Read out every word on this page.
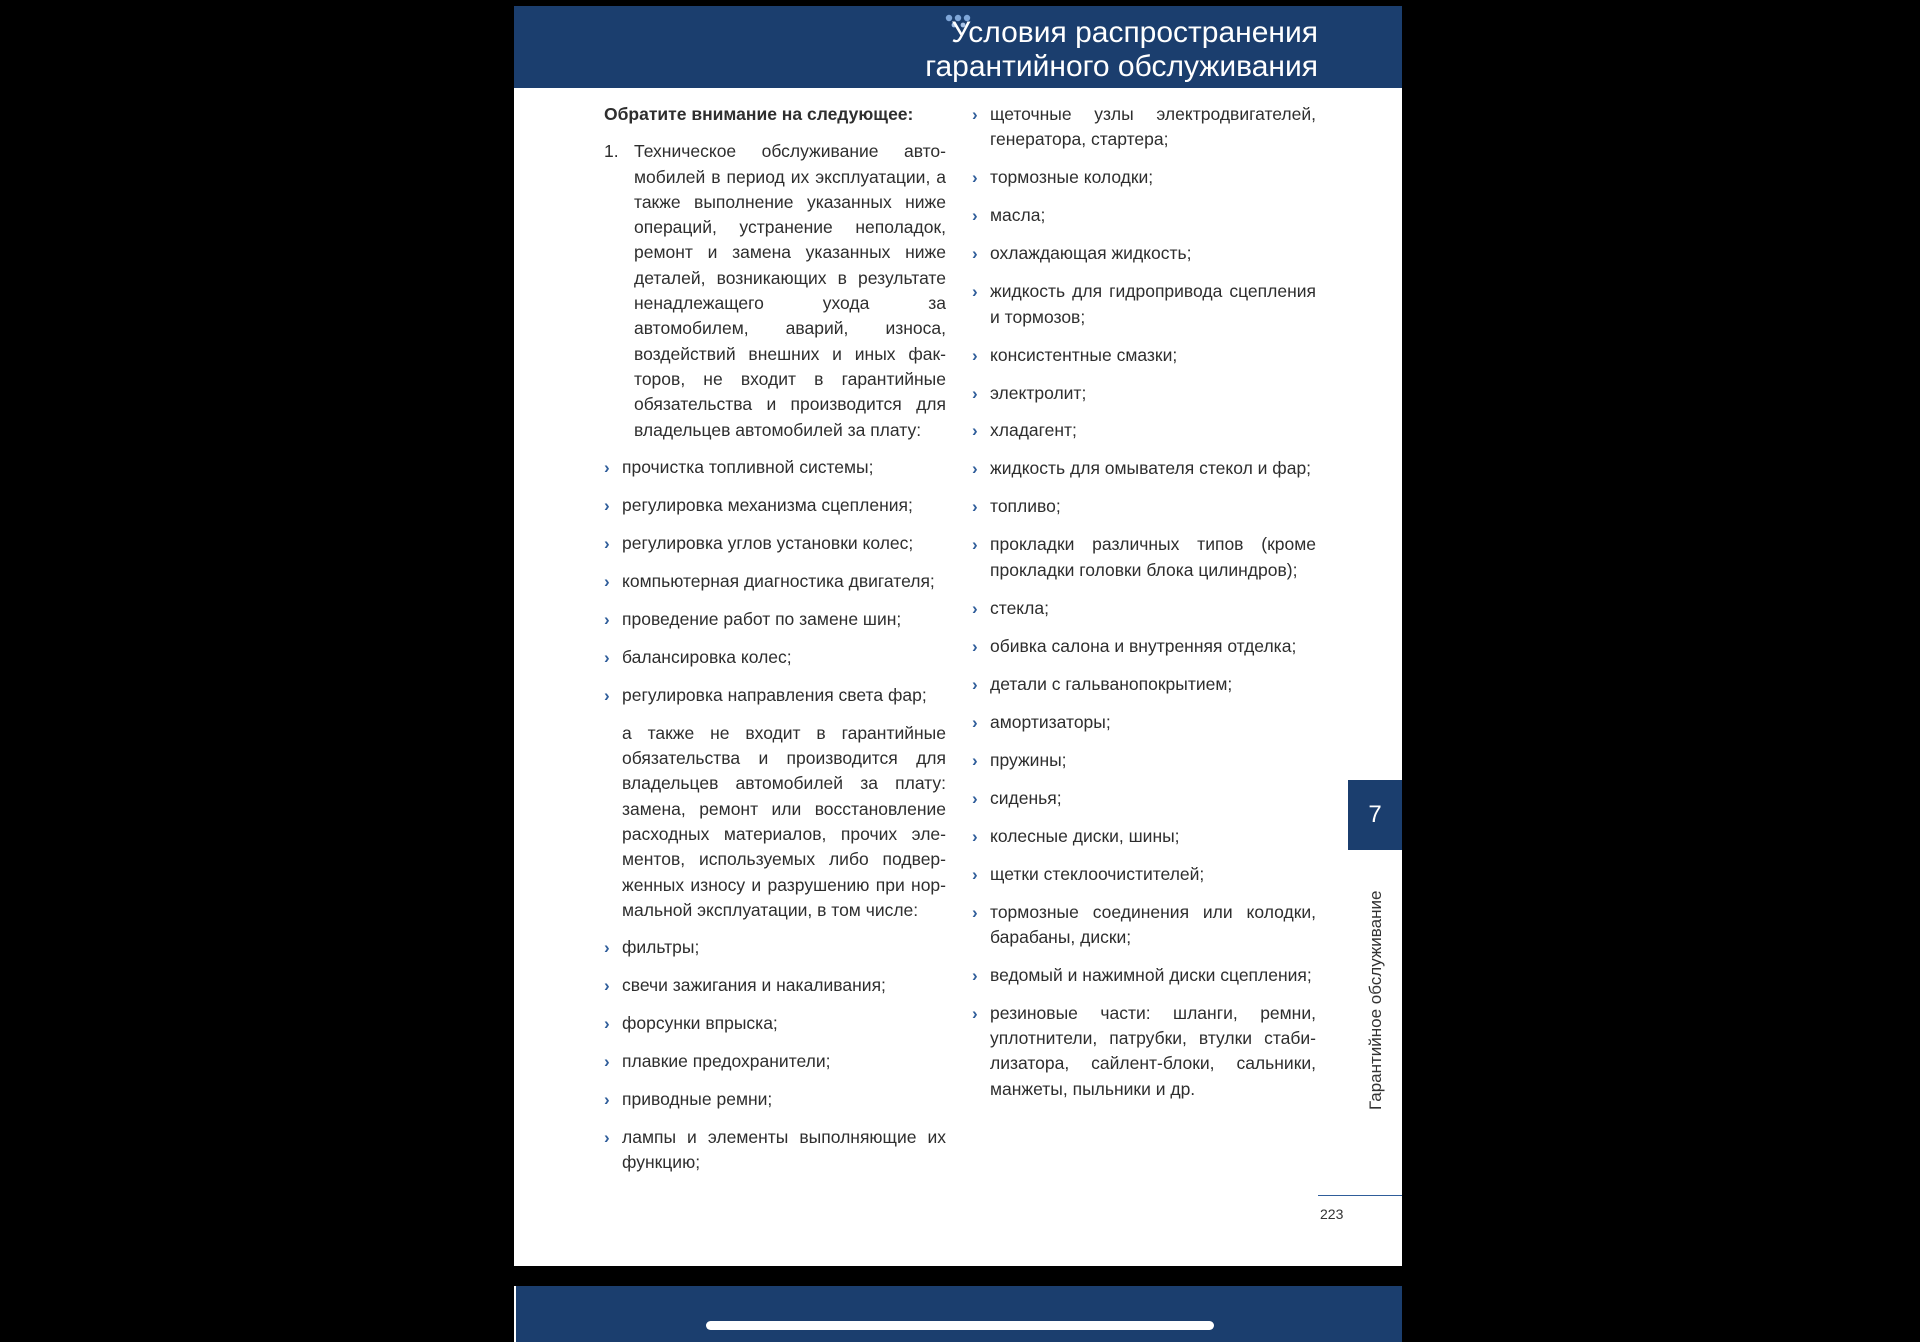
Условия распространения
гарантийного обслуживания
Обратите внимание на следующее:
1. Техническое обслуживание автомобилей в период их эксплуатации, а также выполнение указанных ниже операций, устранение неполадок, ремонт и замена указанных ниже деталей, возникающих в результате ненадлежащего ухода за автомобилем, аварий, износа, воздействий внешних и иных факторов, не входит в гарантийные обязательства и производится для владельцев автомобилей за плату:
› прочистка топливной системы;
› регулировка механизма сцепления;
› регулировка углов установки колес;
› компьютерная диагностика двигателя;
› проведение работ по замене шин;
› балансировка колес;
› регулировка направления света фар;
а также не входит в гарантийные обязательства и производится для владельцев автомобилей за плату: замена, ремонт или восстановление расходных материалов, прочих элементов, используемых либо подверженных износу и разрушению при нормальной эксплуатации, в том числе:
› фильтры;
› свечи зажигания и накаливания;
› форсунки впрыска;
› плавкие предохранители;
› приводные ремни;
› лампы и элементы выполняющие их функцию;
› щеточные узлы электродвигателей, генератора, стартера;
› тормозные колодки;
› масла;
› охлаждающая жидкость;
› жидкость для гидропривода сцепления и тормозов;
› консистентные смазки;
› электролит;
› хладагент;
› жидкость для омывателя стекол и фар;
› топливо;
› прокладки различных типов (кроме прокладки головки блока цилиндров);
› стекла;
› обивка салона и внутренняя отделка;
› детали с гальванопокрытием;
› амортизаторы;
› пружины;
› сиденья;
› колесные диски, шины;
› щетки стеклоочистителей;
› тормозные соединения или колодки, барабаны, диски;
› ведомый и нажимной диски сцепления;
› резиновые части: шланги, ремни, уплотнители, патрубки, втулки стабилизатора, сайлент-блоки, сальники, манжеты, пыльники и др.
7
Гарантийное обслуживание
223
